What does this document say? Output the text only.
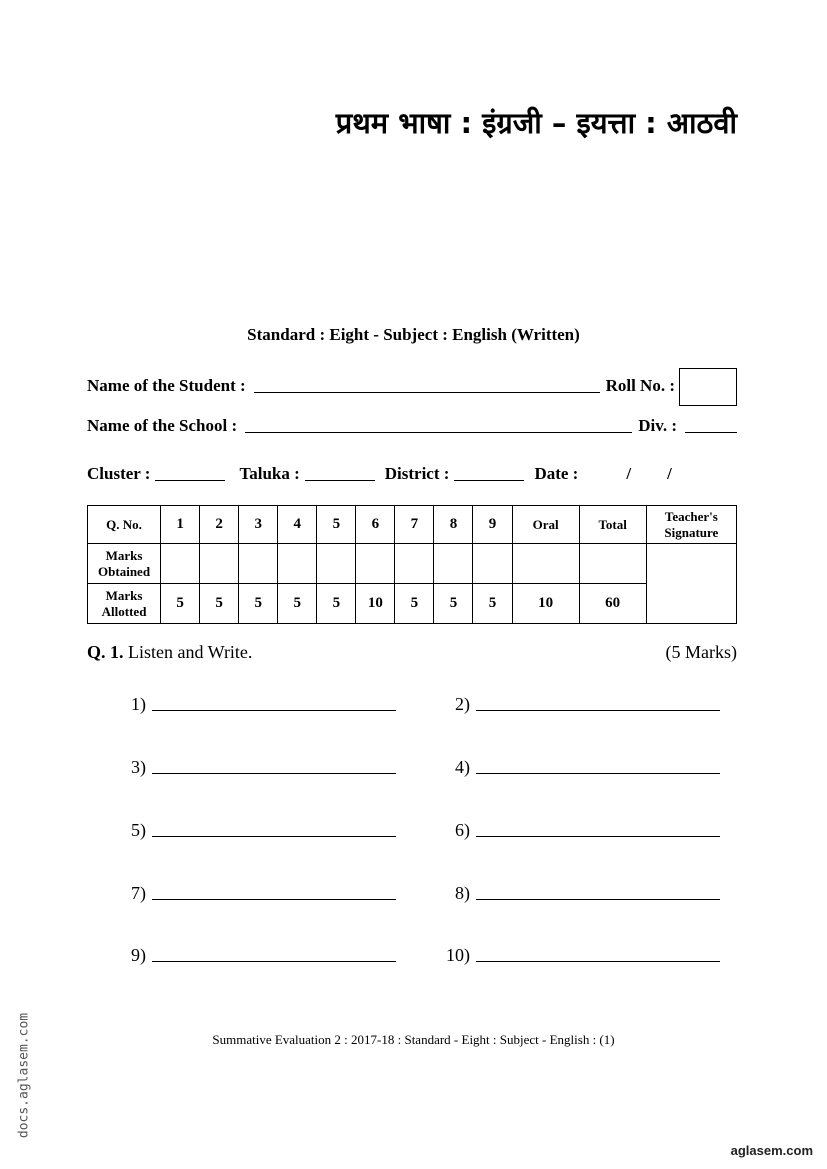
प्रथम भाषा : इंग्रजी – इयत्ता : आठवी
Standard : Eight - Subject : English (Written)
Name of the Student :	Roll No. :
Name of the School :	Div. :
Cluster :	Taluka :	District :	Date :	/ /
Q. No.	1	2	3	4	5	6	7	8	9	Oral	Total	Teacher's Signature
Marks Obtained												
Marks Allotted	5	5	5	5	5	10	5	5	5	10	60	
Q. 1. Listen and Write.	(5 Marks)
1)	2)
3)	4)
5)	6)
7)	8)
9)	10)
Summative Evaluation 2 : 2017-18 : Standard - Eight : Subject - English : (1)
docs.aglasem.com
aglasem.com
